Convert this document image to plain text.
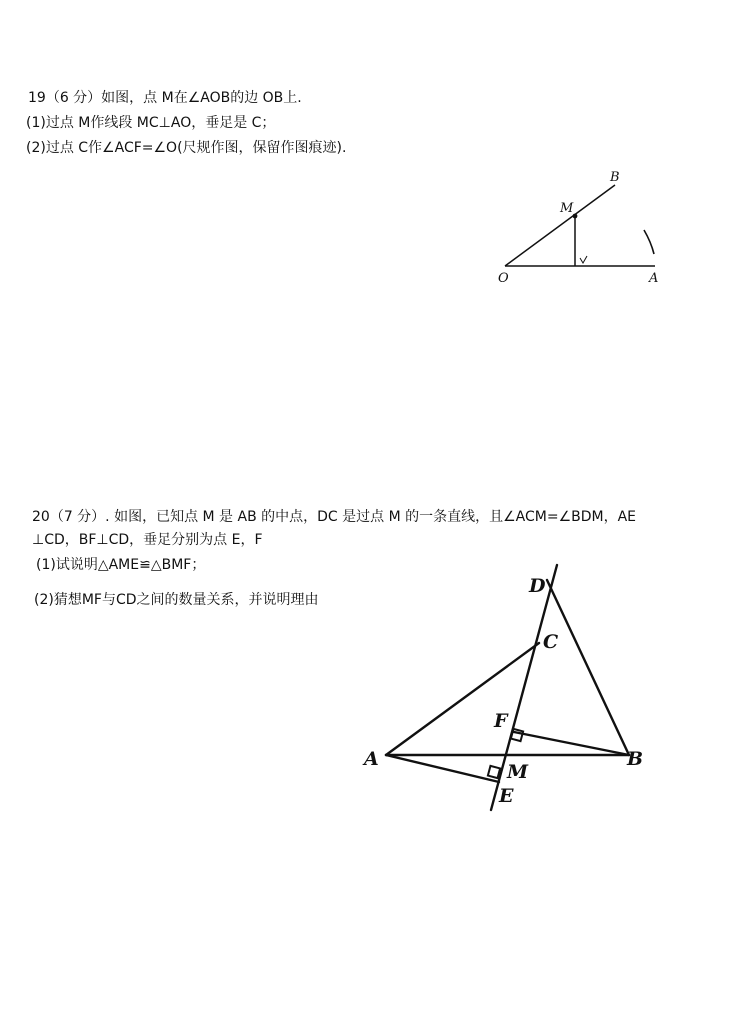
19（6 分）如图，点 M在∠AOB的边 OB上.
(1)过点 M作线段 MC⊥AO，垂足是 C；
(2)过点 C作∠ACF=∠O(尺规作图，保留作图痕迹).
B
M
O	A
20（7 分）. 如图，已知点 M 是 AB 的中点，DC 是过点 M 的一条直线，且∠ACM=∠BDM，AE
⊥CD，BF⊥CD，垂足分别为点 E，F
(1)试说明△AME≌△BMF；
(2)猜想MF与CD之间的数量关系，并说明理由
D
C
F
A	B
M
E
